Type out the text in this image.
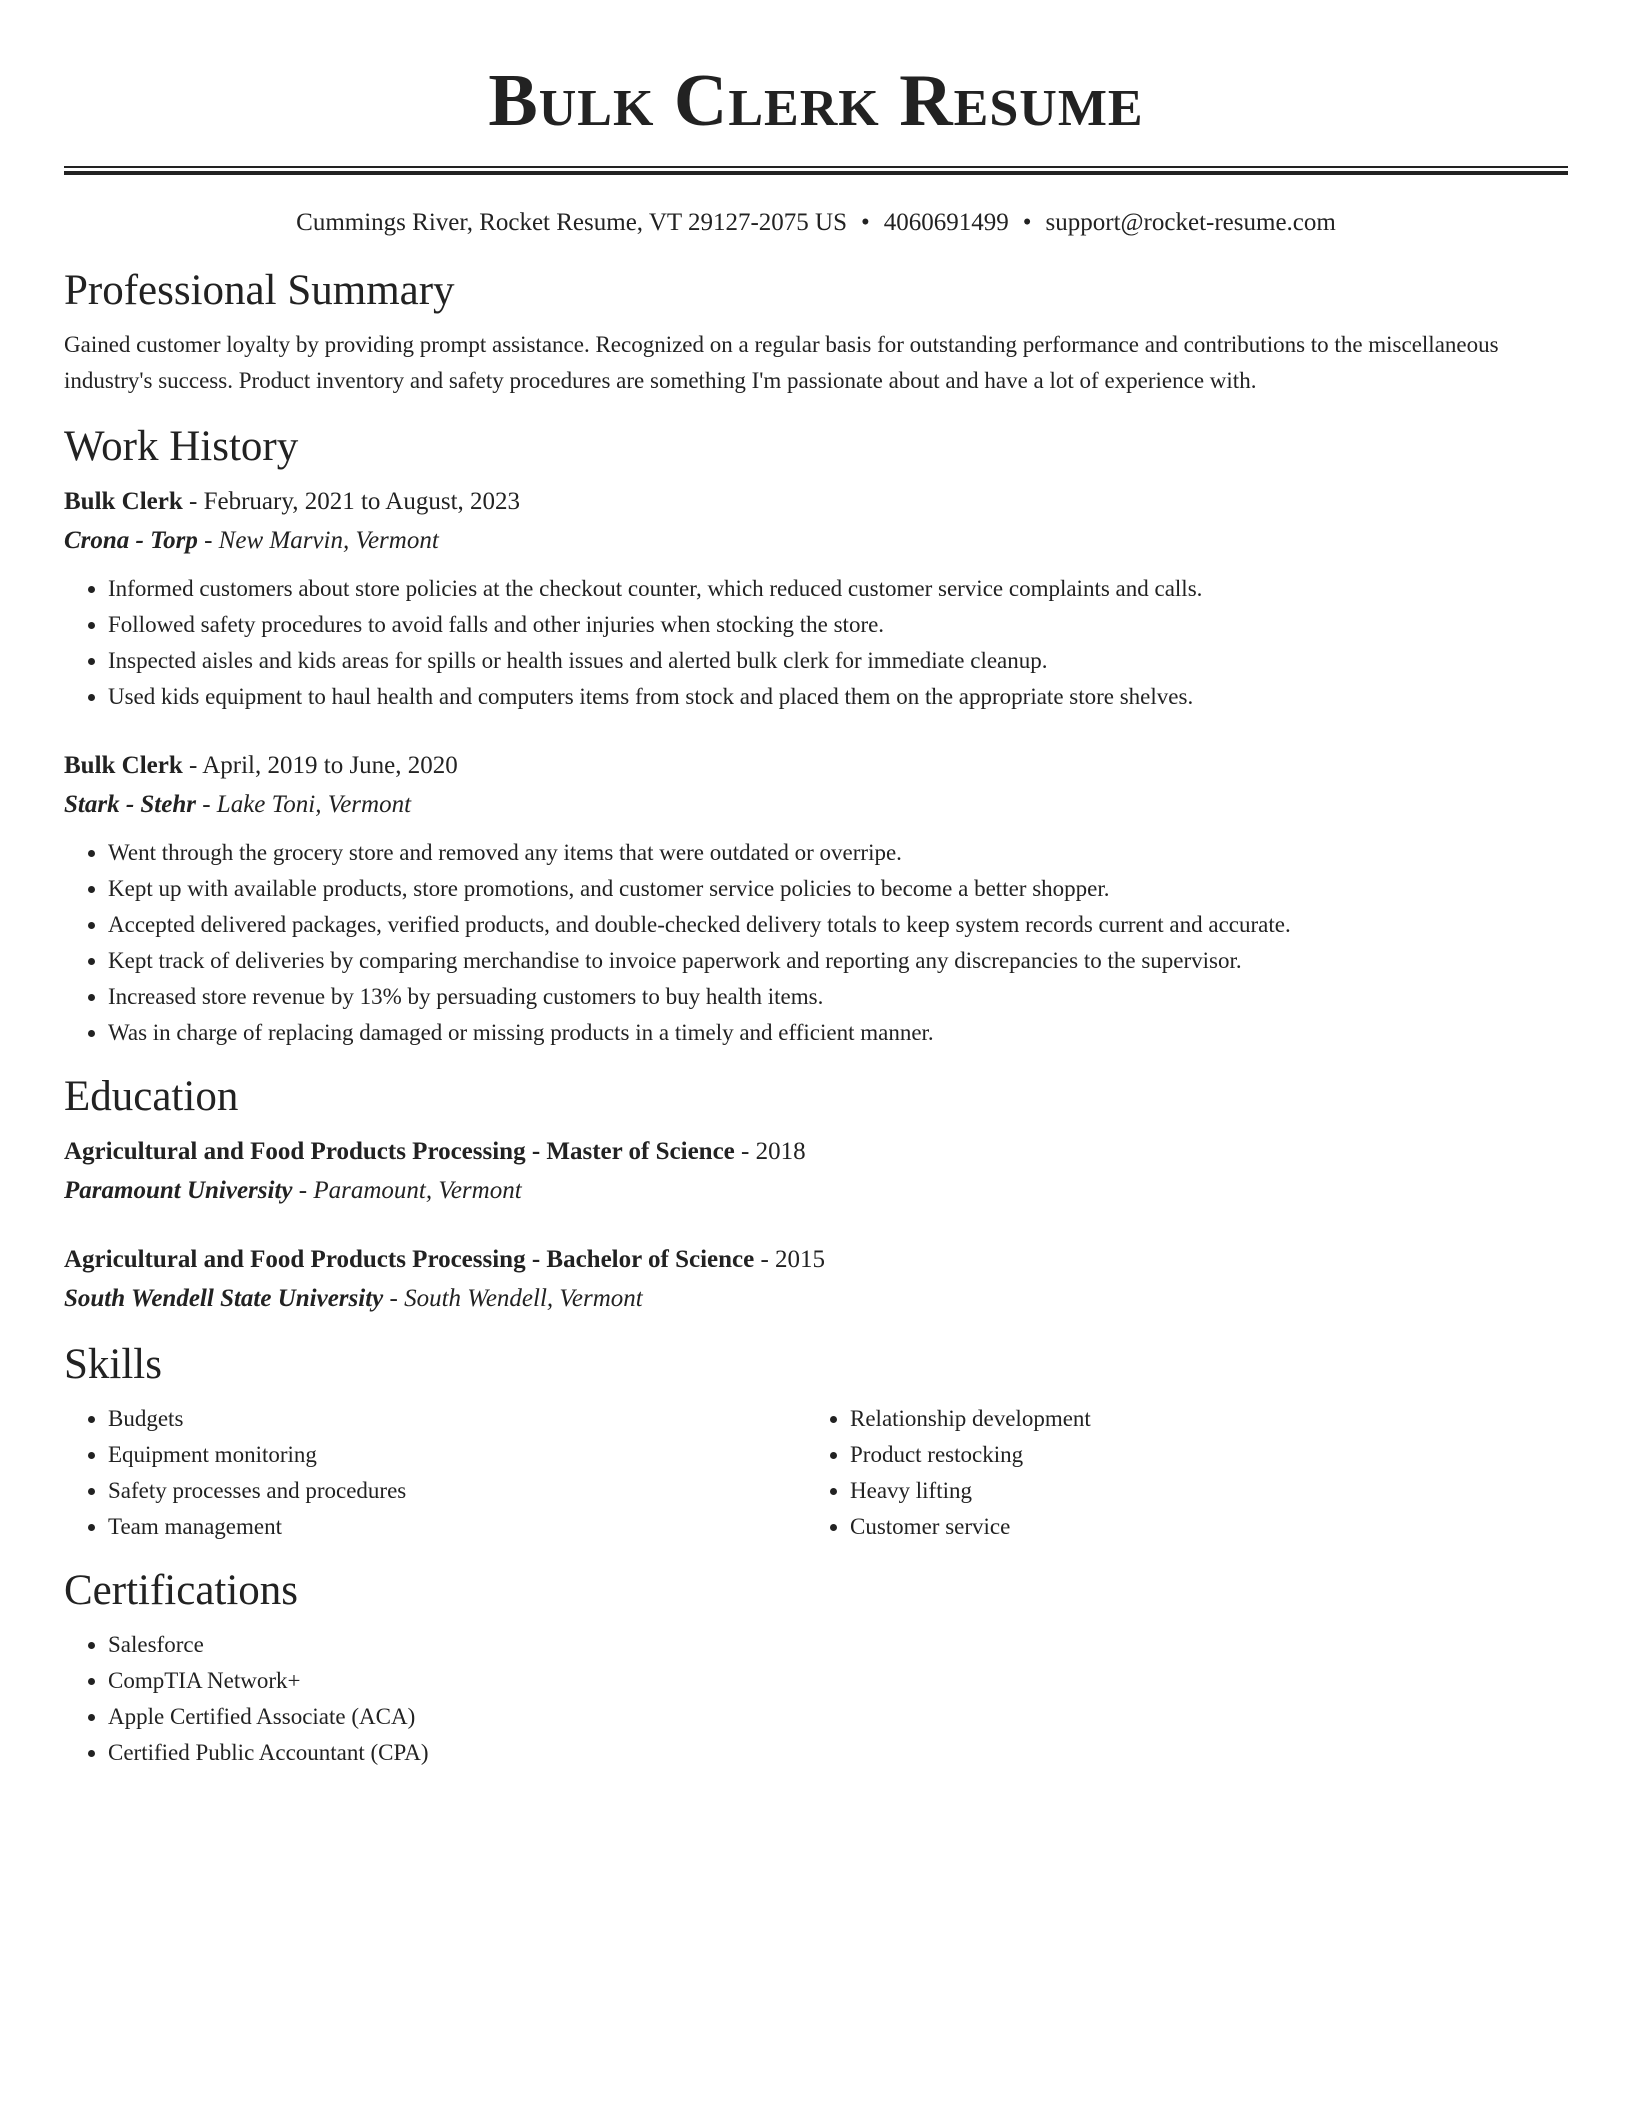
Bulk Clerk Resume
Cummings River, Rocket Resume, VT 29127-2075 US • 4060691499 • support@rocket-resume.com
Professional Summary

Gained customer loyalty by providing prompt assistance. Recognized on a regular basis for outstanding performance and contributions to the miscellaneous industry's success. Product inventory and safety procedures are something I'm passionate about and have a lot of experience with.

Work History
Bulk Clerk - February, 2021 to August, 2023
Crona - Torp - New Marvin, Vermont
• Informed customers about store policies at the checkout counter, which reduced customer service complaints and calls.
• Followed safety procedures to avoid falls and other injuries when stocking the store.
• Inspected aisles and kids areas for spills or health issues and alerted bulk clerk for immediate cleanup.
• Used kids equipment to haul health and computers items from stock and placed them on the appropriate store shelves.
Bulk Clerk - April, 2019 to June, 2020
Stark - Stehr - Lake Toni, Vermont
• Went through the grocery store and removed any items that were outdated or overripe.
• Kept up with available products, store promotions, and customer service policies to become a better shopper.
• Accepted delivered packages, verified products, and double-checked delivery totals to keep system records current and accurate.
• Kept track of deliveries by comparing merchandise to invoice paperwork and reporting any discrepancies to the supervisor.
• Increased store revenue by 13% by persuading customers to buy health items.
• Was in charge of replacing damaged or missing products in a timely and efficient manner.
Education
Agricultural and Food Products Processing - Master of Science - 2018
Paramount University - Paramount, Vermont
Agricultural and Food Products Processing - Bachelor of Science - 2015
South Wendell State University - South Wendell, Vermont
Skills
• Budgets
• Equipment monitoring
• Safety processes and procedures
• Team management
• Relationship development
• Product restocking
• Heavy lifting
• Customer service
Certifications
• Salesforce
• CompTIA Network+
• Apple Certified Associate (ACA)
• Certified Public Accountant (CPA)
